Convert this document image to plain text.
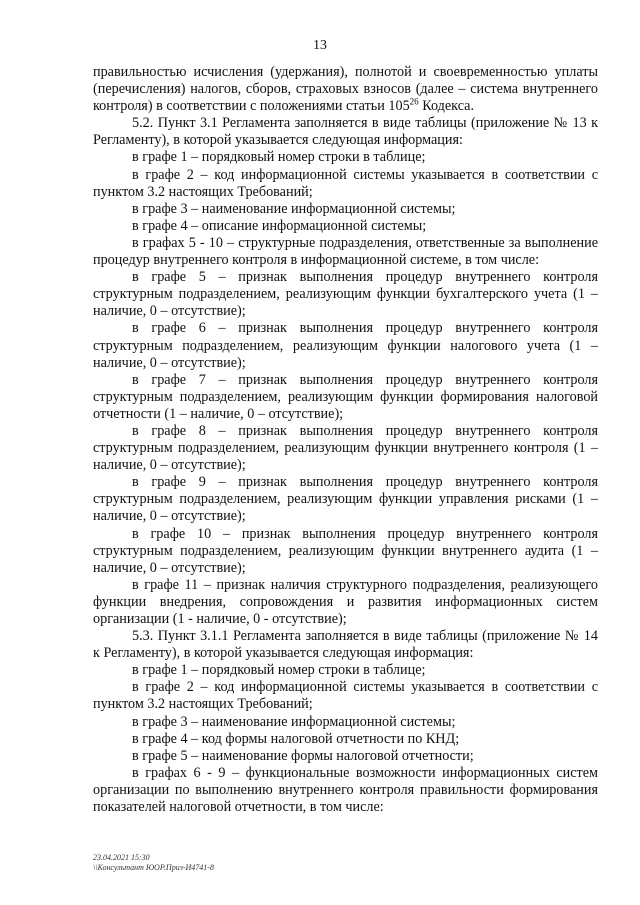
13

правильностью исчисления (удержания), полнотой и своевременностью уплаты (перечисления) налогов, сборов, страховых взносов (далее – система внутреннего контроля) в соответствии с положениями статьи $105^{26}$ Кодекса.

5.2. Пункт 3.1 Регламента заполняется в виде таблицы (приложение № 13 к Регламенту), в которой указывается следующая информация:

в графе 1 – порядковый номер строки в таблице;

в графе 2 – код информационной системы указывается в соответствии с пунктом 3.2 настоящих Требований;

в графе 3 – наименование информационной системы;

в графе 4 – описание информационной системы;

в графах 5 - 10 – структурные подразделения, ответственные за выполнение процедур внутреннего контроля в информационной системе, в том числе:

в графе 5 – признак выполнения процедур внутреннего контроля структурным подразделением, реализующим функции бухгалтерского учета (1 – наличие, 0 – отсутствие);

в графе 6 – признак выполнения процедур внутреннего контроля структурным подразделением, реализующим функции налогового учета (1 – наличие, 0 – отсутствие);

в графе 7 – признак выполнения процедур внутреннего контроля структурным подразделением, реализующим функции формирования налоговой отчетности (1 – наличие, 0 – отсутствие);

в графе 8 – признак выполнения процедур внутреннего контроля структурным подразделением, реализующим функции внутреннего контроля (1 – наличие, 0 – отсутствие);

в графе 9 – признак выполнения процедур внутреннего контроля структурным подразделением, реализующим функции управления рисками (1 – наличие, 0 – отсутствие);

в графе 10 – признак выполнения процедур внутреннего контроля структурным подразделением, реализующим функции внутреннего аудита (1 – наличие, 0 – отсутствие);

в графе 11 – признак наличия структурного подразделения, реализующего функции внедрения, сопровождения и развития информационных систем организации (1 - наличие, 0 - отсутствие);

5.3. Пункт 3.1.1 Регламента заполняется в виде таблицы (приложение № 14 к Регламенту), в которой указывается следующая информация:

в графе 1 – порядковый номер строки в таблице;

в графе 2 – код информационной системы указывается в соответствии с пунктом 3.2 настоящих Требований;

в графе 3 – наименование информационной системы;

в графе 4 – код формы налоговой отчетности по КНД;

в графе 5 – наименование формы налоговой отчетности;

в графах 6 - 9 – функциональные возможности информационных систем организации по выполнению внутреннего контроля правильности формирования показателей налоговой отчетности, в том числе:

23.04.2021 15:30
\\Консультант ЮОР.Приз-И4741-8
